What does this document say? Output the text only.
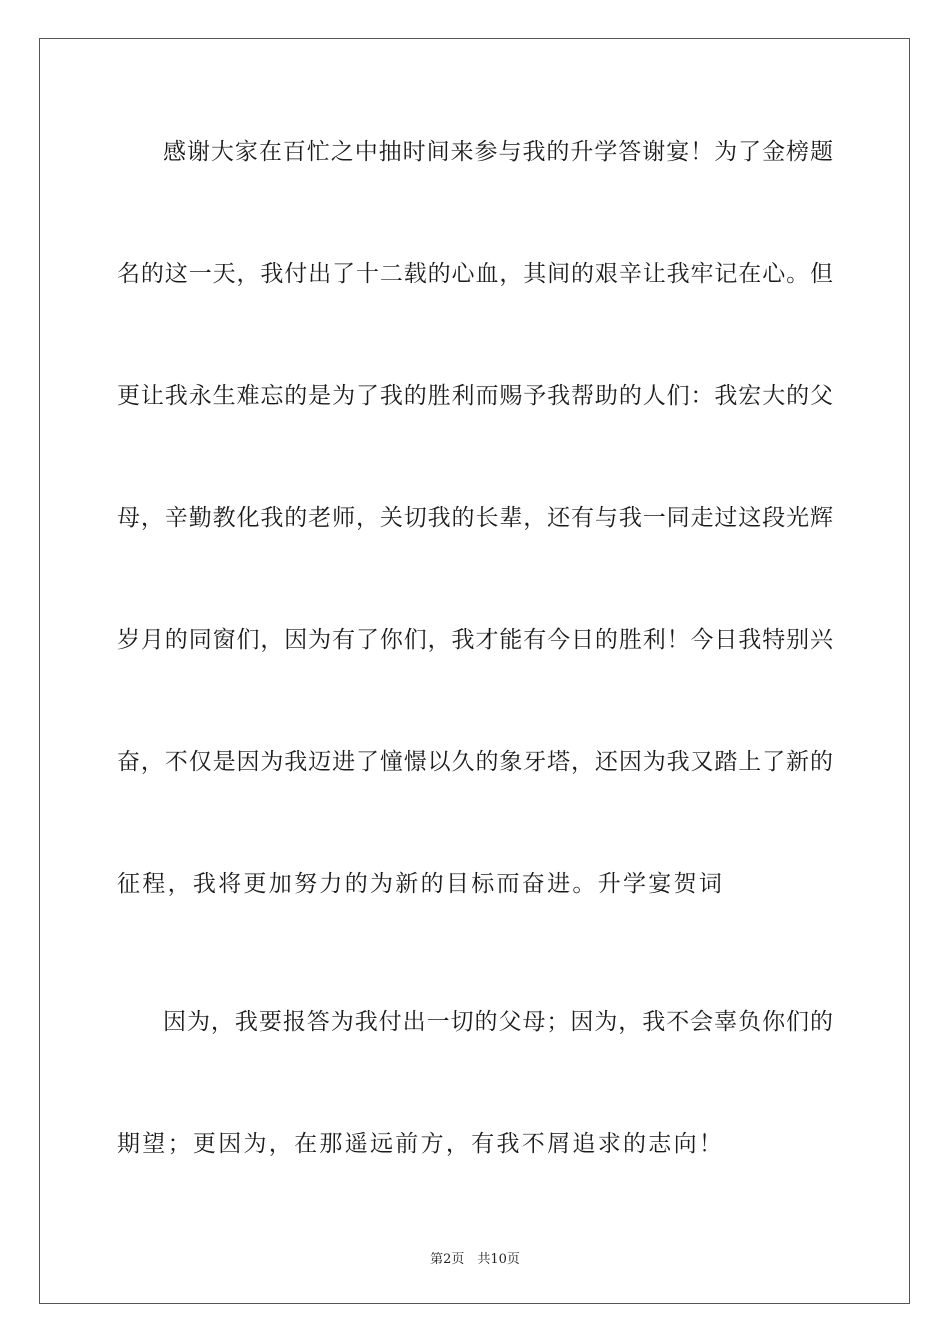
感谢大家在百忙之中抽时间来参与我的升学答谢宴！为了金榜题
名的这一天，我付出了十二载的心血，其间的艰辛让我牢记在心。但
更让我永生难忘的是为了我的胜利而赐予我帮助的人们：我宏大的父
母，辛勤教化我的老师，关切我的长辈，还有与我一同走过这段光辉
岁月的同窗们，因为有了你们，我才能有今日的胜利！今日我特别兴
奋，不仅是因为我迈进了憧憬以久的象牙塔，还因为我又踏上了新的
征程，我将更加努力的为新的目标而奋进。升学宴贺词
因为，我要报答为我付出一切的父母；因为，我不会辜负你们的
期望；更因为，在那遥远前方，有我不屑追求的志向！
第2页　共10页
